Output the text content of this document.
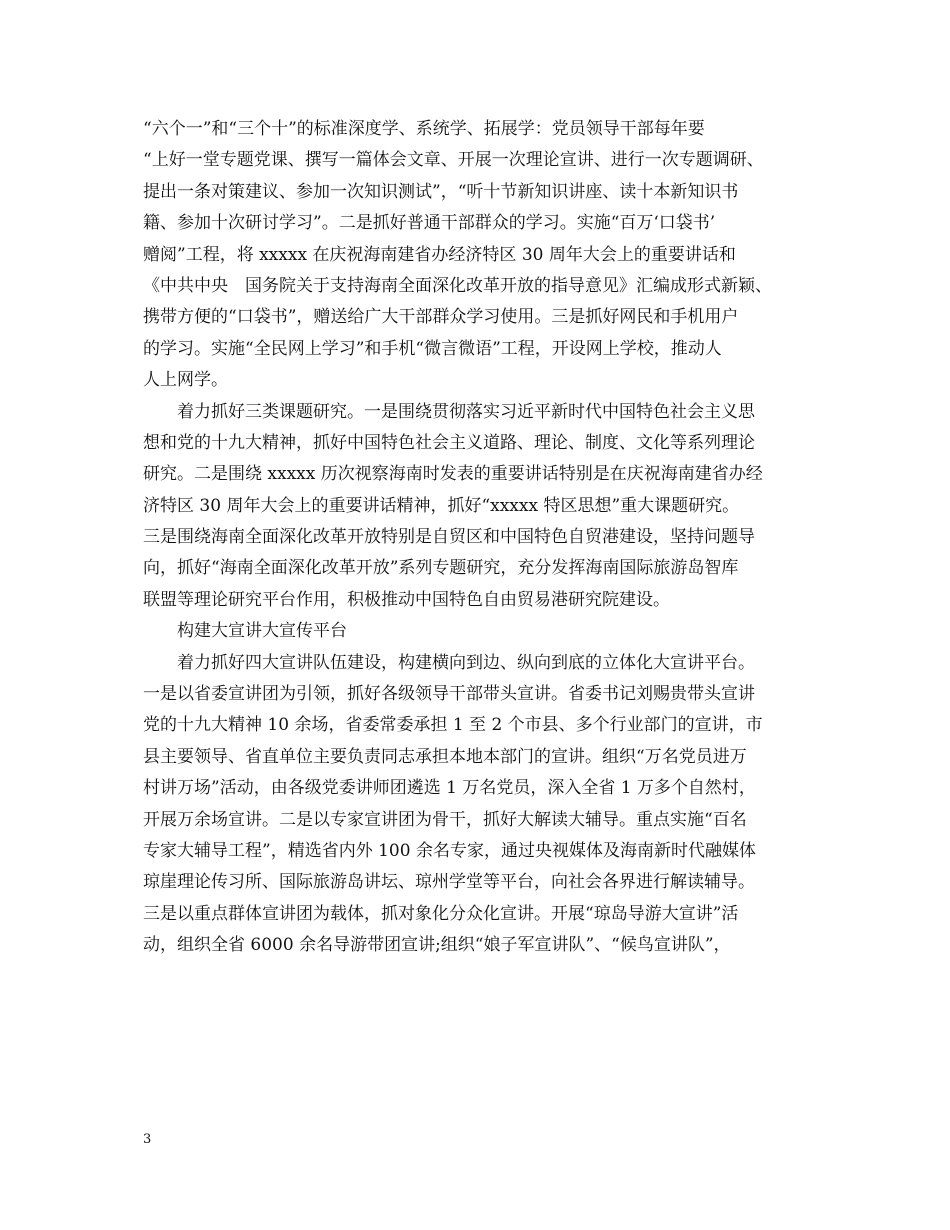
“六个一”和“三个十”的标准深度学、系统学、拓展学：党员领导干部每年要
“上好一堂专题党课、撰写一篇体会文章、开展一次理论宣讲、进行一次专题调研、
提出一条对策建议、参加一次知识测试”，“听十节新知识讲座、读十本新知识书
籍、参加十次研讨学习”。二是抓好普通干部群众的学习。实施“百万‘口袋书’
赠阅”工程，将 xxxxx 在庆祝海南建省办经济特区 30 周年大会上的重要讲话和
《中共中央　国务院关于支持海南全面深化改革开放的指导意见》汇编成形式新颖、
携带方便的“口袋书”，赠送给广大干部群众学习使用。三是抓好网民和手机用户
的学习。实施“全民网上学习”和手机“微言微语”工程，开设网上学校，推动人
人上网学。
　　着力抓好三类课题研究。一是围绕贯彻落实习近平新时代中国特色社会主义思
想和党的十九大精神，抓好中国特色社会主义道路、理论、制度、文化等系列理论
研究。二是围绕 xxxxx 历次视察海南时发表的重要讲话特别是在庆祝海南建省办经
济特区 30 周年大会上的重要讲话精神，抓好“xxxxx 特区思想”重大课题研究。
三是围绕海南全面深化改革开放特别是自贸区和中国特色自贸港建设，坚持问题导
向，抓好“海南全面深化改革开放”系列专题研究，充分发挥海南国际旅游岛智库
联盟等理论研究平台作用，积极推动中国特色自由贸易港研究院建设。
　　构建大宣讲大宣传平台
　　着力抓好四大宣讲队伍建设，构建横向到边、纵向到底的立体化大宣讲平台。
一是以省委宣讲团为引领，抓好各级领导干部带头宣讲。省委书记刘赐贵带头宣讲
党的十九大精神 10 余场，省委常委承担 1 至 2 个市县、多个行业部门的宣讲，市
县主要领导、省直单位主要负责同志承担本地本部门的宣讲。组织“万名党员进万
村讲万场”活动，由各级党委讲师团遴选 1 万名党员，深入全省 1 万多个自然村，
开展万余场宣讲。二是以专家宣讲团为骨干，抓好大解读大辅导。重点实施“百名
专家大辅导工程”，精选省内外 100 余名专家，通过央视媒体及海南新时代融媒体
琼崖理论传习所、国际旅游岛讲坛、琼州学堂等平台，向社会各界进行解读辅导。
三是以重点群体宣讲团为载体，抓对象化分众化宣讲。开展“琼岛导游大宣讲”活
动，组织全省 6000 余名导游带团宣讲;组织“娘子军宣讲队”、“候鸟宣讲队”，
3
